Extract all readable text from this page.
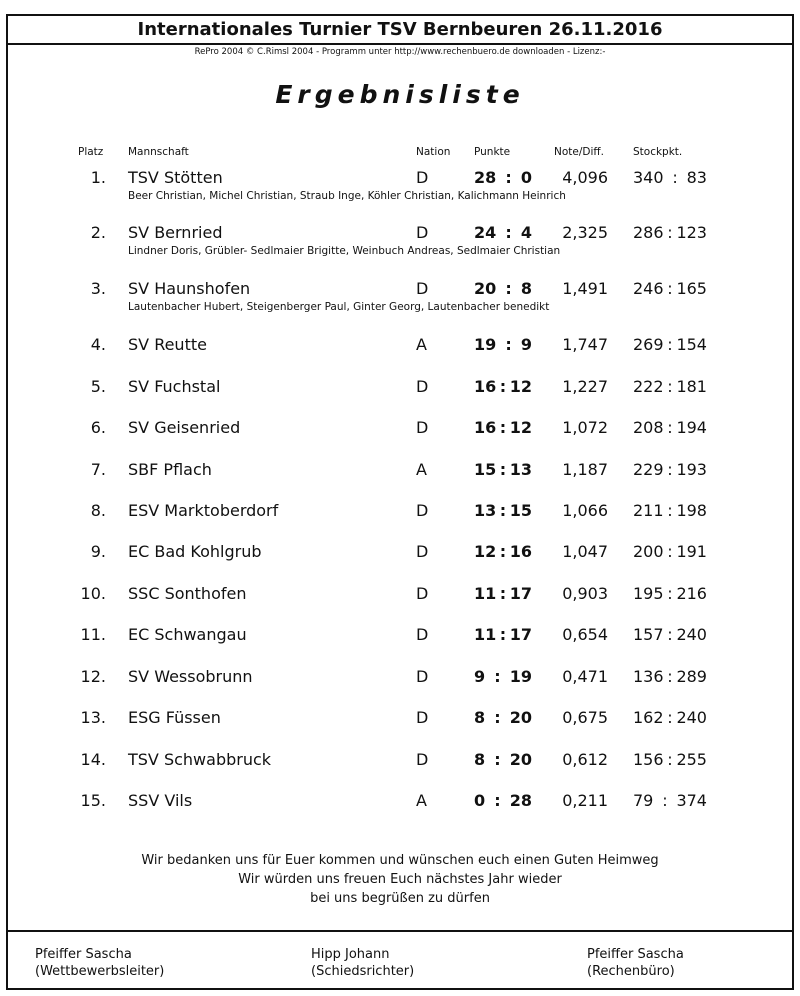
Internationales Turnier TSV Bernbeuren 26.11.2016
RePro 2004 © C.Rimsl 2004 - Programm unter http://www.rechenbuero.de downloaden - Lizenz:-
Ergebnisliste
Platz Mannschaft	Nation Punkte	Note/Diff.	Stockpkt.
1. TSV Stötten	D	28 : 0	4,096 340 : 83
Beer Christian, Michel Christian, Straub Inge, Köhler Christian, Kalichmann Heinrich
2. SV Bernried	D	24 : 4	2,325 286 : 123
Lindner Doris, Grübler- Sedlmaier Brigitte, Weinbuch Andreas, Sedlmaier Christian
3. SV Haunshofen	D	20 : 8	1,491 246 : 165
Lautenbacher Hubert, Steigenberger Paul, Ginter Georg, Lautenbacher benedikt
4. SV Reutte	A	19 : 9	1,747 269 : 154
5. SV Fuchstal	D	16 : 12	1,227 222 : 181
6. SV Geisenried	D	16 : 12	1,072 208 : 194
7. SBF Pflach	A	15 : 13	1,187 229 : 193
8. ESV Marktoberdorf	D	13 : 15	1,066 211 : 198
9. EC Bad Kohlgrub	D	12 : 16	1,047 200 : 191
10. SSC Sonthofen	D	11 : 17	0,903 195 : 216
11. EC Schwangau	D	11 : 17	0,654 157 : 240
12. SV Wessobrunn	D	9 : 19	0,471 136 : 289
13. ESG Füssen	D	8 : 20	0,675 162 : 240
14. TSV Schwabbruck	D	8 : 20	0,612 156 : 255
15. SSV Vils	A	0 : 28	0,211 79 : 374
Wir bedanken uns für Euer kommen und wünschen euch einen Guten Heimweg
Wir würden uns freuen Euch nächstes Jahr wieder
bei uns begrüßen zu dürfen
Pfeiffer Sascha
(Wettbewerbsleiter)
Hipp Johann
(Schiedsrichter)
Pfeiffer Sascha
(Rechenbüro)
